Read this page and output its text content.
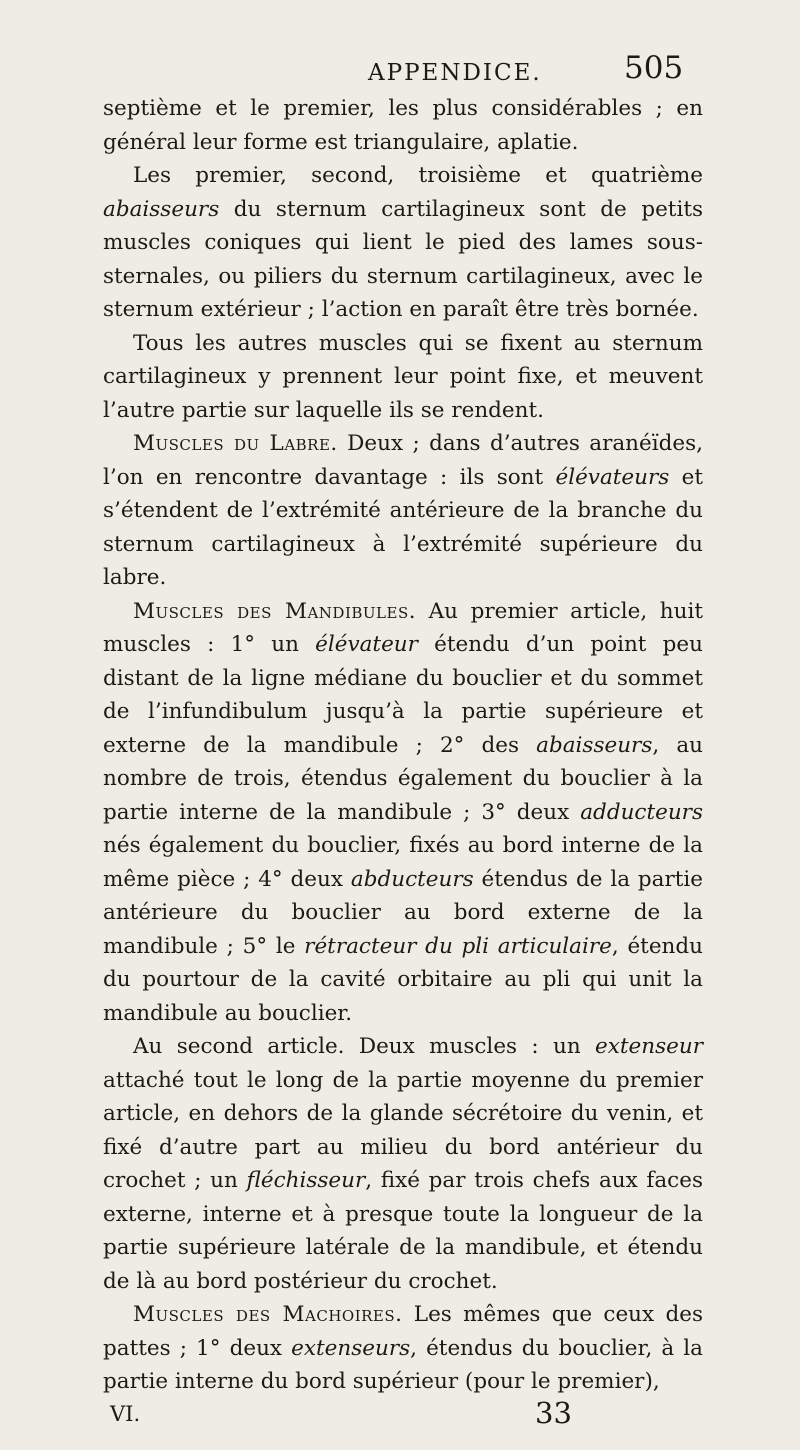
APPENDICE.	505

septième et le premier, les plus considérables ; en général leur forme est triangulaire, aplatie.

Les premier, second, troisième et quatrième abaisseurs du sternum cartilagineux sont de petits muscles coniques qui lient le pied des lames sous-sternales, ou piliers du sternum cartilagineux, avec le sternum extérieur ; l’action en paraît être très bornée.

Tous les autres muscles qui se fixent au sternum cartilagineux y prennent leur point fixe, et meuvent l’autre partie sur laquelle ils se rendent.

Muscles du Labre. Deux ; dans d’autres aranéïdes, l’on en rencontre davantage : ils sont élévateurs et s’étendent de l’extrémité antérieure de la branche du sternum cartilagineux à l’extrémité supérieure du labre.

Muscles des Mandibules. Au premier article, huit muscles : 1° un élévateur étendu d’un point peu distant de la ligne médiane du bouclier et du sommet de l’infundibulum jusqu’à la partie supérieure et externe de la mandibule ; 2° des abaisseurs, au nombre de trois, étendus également du bouclier à la partie interne de la mandibule ; 3° deux adducteurs nés également du bouclier, fixés au bord interne de la même pièce ; 4° deux abducteurs étendus de la partie antérieure du bouclier au bord externe de la mandibule ; 5° le rétracteur du pli articulaire, étendu du pourtour de la cavité orbitaire au pli qui unit la mandibule au bouclier.

Au second article. Deux muscles : un extenseur attaché tout le long de la partie moyenne du premier article, en dehors de la glande sécrétoire du venin, et fixé d’autre part au milieu du bord antérieur du crochet ; un fléchisseur, fixé par trois chefs aux faces externe, interne et à presque toute la longueur de la partie supérieure latérale de la mandibule, et étendu de là au bord postérieur du crochet.

Muscles des Machoires. Les mêmes que ceux des pattes ; 1° deux extenseurs, étendus du bouclier, à la partie interne du bord supérieur (pour le premier),

VI.	33
